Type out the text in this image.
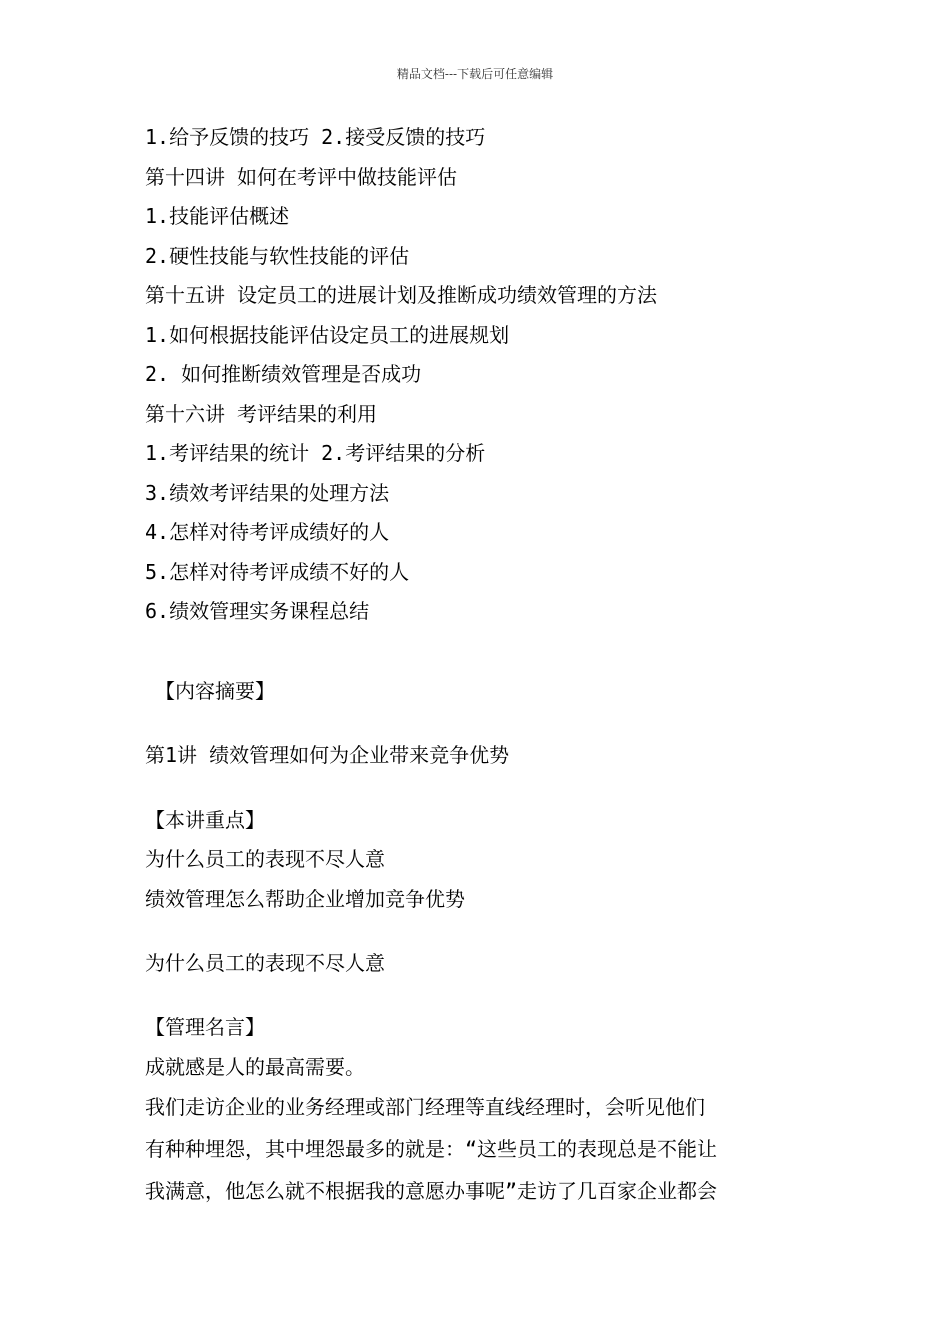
精品文档---下载后可任意编辑
1.给予反馈的技巧 2.接受反馈的技巧
第十四讲 如何在考评中做技能评估
1.技能评估概述
2.硬性技能与软性技能的评估
第十五讲 设定员工的进展计划及推断成功绩效管理的方法
1.如何根据技能评估设定员工的进展规划
2. 如何推断绩效管理是否成功
第十六讲 考评结果的利用
1.考评结果的统计 2.考评结果的分析
3.绩效考评结果的处理方法
4.怎样对待考评成绩好的人
5.怎样对待考评成绩不好的人
6.绩效管理实务课程总结
【内容摘要】
第1讲 绩效管理如何为企业带来竞争优势
【本讲重点】
为什么员工的表现不尽人意
绩效管理怎么帮助企业增加竞争优势
为什么员工的表现不尽人意
【管理名言】
成就感是人的最高需要。
我们走访企业的业务经理或部门经理等直线经理时，会听见他们
有种种埋怨，其中埋怨最多的就是：“这些员工的表现总是不能让
我满意，他怎么就不根据我的意愿办事呢”走访了几百家企业都会
